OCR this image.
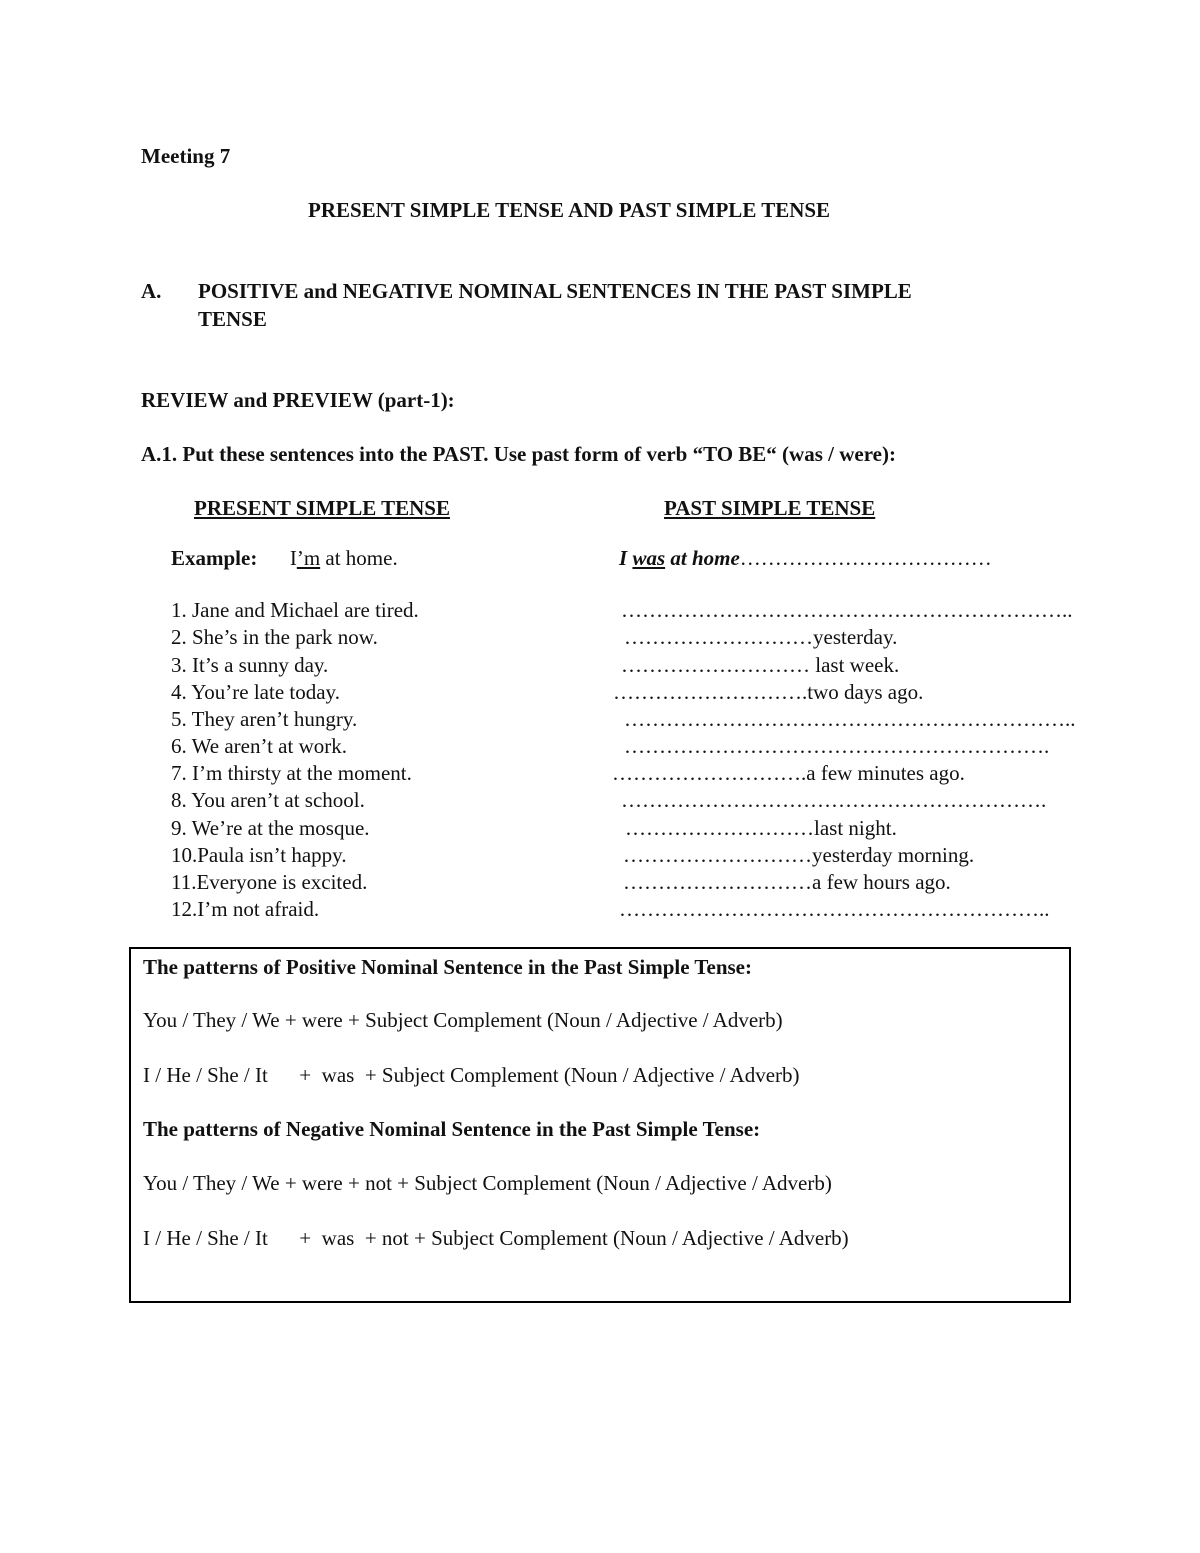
Meeting 7
PRESENT SIMPLE TENSE AND PAST SIMPLE TENSE
A. POSITIVE and NEGATIVE NOMINAL SENTENCES IN THE PAST SIMPLE
TENSE
REVIEW and PREVIEW (part-1):
A.1. Put these sentences into the PAST. Use past form of verb “TO BE“ (was / were):
PRESENT SIMPLE TENSE	PAST SIMPLE TENSE
Example: I’m at home.	I was at home………………………………
1. Jane and Michael are tired.	………………………………………………………..
2. She’s in the park now.	………………………yesterday.
3. It’s a sunny day.	……………………… last week.
4. You’re late today.	……………………….two days ago.
5. They aren’t hungry.	………………………………………………………..
6. We aren’t at work.	…………………………………………………….
7. I’m thirsty at the moment.	……………………….a few minutes ago.
8. You aren’t at school.	…………………………………………………….
9. We’re at the mosque.	………………………last night.
10.Paula isn’t happy.	………………………yesterday morning.
11.Everyone is excited.	………………………a few hours ago.
12.I’m not afraid.	……………………………………………………..
The patterns of Positive Nominal Sentence in the Past Simple Tense:
You / They / We + were + Subject Complement (Noun / Adjective / Adverb)
I / He / She / It      +  was  + Subject Complement (Noun / Adjective / Adverb)
The patterns of Negative Nominal Sentence in the Past Simple Tense:
You / They / We + were + not + Subject Complement (Noun / Adjective / Adverb)
I / He / She / It      +  was  + not + Subject Complement (Noun / Adjective / Adverb)
